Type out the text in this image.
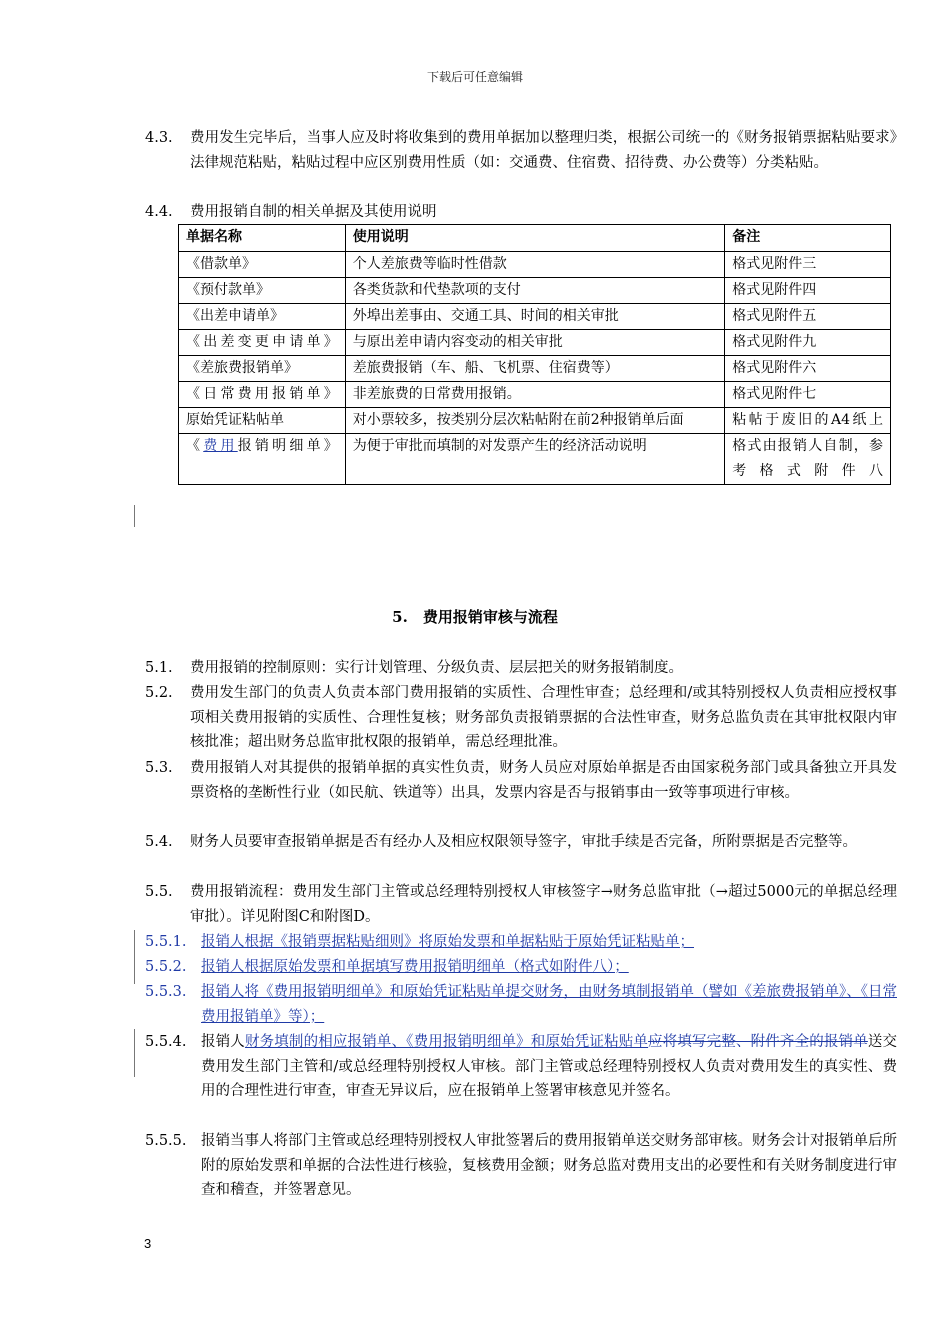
下载后可任意编辑
4.3. 费用发生完毕后，当事人应及时将收集到的费用单据加以整理归类，根据公司统一的《财务报销票据粘贴要求》法律规范粘贴，粘贴过程中应区别费用性质（如：交通费、住宿费、招待费、办公费等）分类粘贴。
4.4. 费用报销自制的相关单据及其使用说明
单据名称	使用说明	备注
《借款单》	个人差旅费等临时性借款	格式见附件三
《预付款单》	各类货款和代垫款项的支付	格式见附件四
《出差申请单》	外埠出差事由、交通工具、时间的相关审批	格式见附件五
《出差变更申请单》	与原出差申请内容变动的相关审批	格式见附件九
《差旅费报销单》	差旅费报销（车、船、飞机票、住宿费等）	格式见附件六
《日常费用报销单》	非差旅费的日常费用报销。	格式见附件七
原始凭证粘帖单	对小票较多，按类别分层次粘帖附在前2种报销单后面	粘帖于废旧的A4纸上
《费用报销明细单》	为便于审批而填制的对发票产生的经济活动说明	格式由报销人自制，参考格式附件八
5.　费用报销审核与流程
5.1. 费用报销的控制原则：实行计划管理、分级负责、层层把关的财务报销制度。
5.2. 费用发生部门的负责人负责本部门费用报销的实质性、合理性审查；总经理和/或其特别授权人负责相应授权事项相关费用报销的实质性、合理性复核；财务部负责报销票据的合法性审查，财务总监负责在其审批权限内审核批准；超出财务总监审批权限的报销单，需总经理批准。
5.3. 费用报销人对其提供的报销单据的真实性负责，财务人员应对原始单据是否由国家税务部门或具备独立开具发票资格的垄断性行业（如民航、铁道等）出具，发票内容是否与报销事由一致等事项进行审核。
5.4. 财务人员要审查报销单据是否有经办人及相应权限领导签字，审批手续是否完备，所附票据是否完整等。
5.5. 费用报销流程：费用发生部门主管或总经理特别授权人审核签字→财务总监审批（→超过5000元的单据总经理审批）。详见附图C和附图D。
5.5.1. 报销人根据《报销票据粘贴细则》将原始发票和单据粘贴于原始凭证粘贴单；
5.5.2. 报销人根据原始发票和单据填写费用报销明细单（格式如附件八）；
5.5.3. 报销人将《费用报销明细单》和原始凭证粘贴单提交财务，由财务填制报销单（譬如《差旅费报销单》、《日常费用报销单》等）；
5.5.4. 报销人财务填制的相应报销单、《费用报销明细单》和原始凭证粘贴单应将填写完整、附件齐全的报销单送交费用发生部门主管和/或总经理特别授权人审核。部门主管或总经理特别授权人负责对费用发生的真实性、费用的合理性进行审查，审查无异议后，应在报销单上签署审核意见并签名。
5.5.5. 报销当事人将部门主管或总经理特别授权人审批签署后的费用报销单送交财务部审核。财务会计对报销单后所附的原始发票和单据的合法性进行核验，复核费用金额；财务总监对费用支出的必要性和有关财务制度进行审查和稽查，并签署意见。
3
